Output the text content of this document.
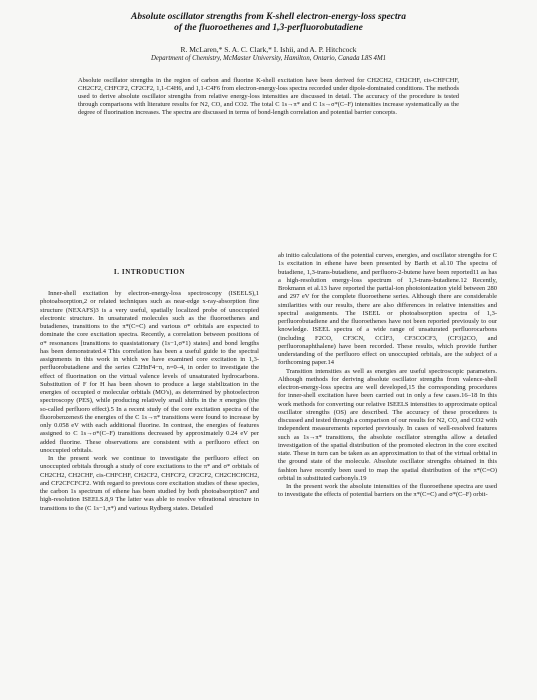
Absolute oscillator strengths from K-shell electron-energy-loss spectra
of the fluoroethenes and 1,3-perfluorobutadiene

R. McLaren,* S. A. C. Clark,* I. Ishii, and A. P. Hitchcock
Department of Chemistry, McMaster University, Hamilton, Ontario, Canada L8S 4M1
Absolute oscillator strengths in the region of carbon and fluorine K-shell excitation have been derived for CH2CH2, CH2CHF, cis-CHFCHF, CH2CF2, CHFCF2, CF2CF2, 1,1-C4H6, and 1,1-C4F6 from electron-energy-loss spectra recorded under dipole-dominated conditions. The methods used to derive absolute oscillator strengths from relative energy-loss intensities are discussed in detail. The accuracy of the procedure is tested through comparisons with literature results for N2, CO, and CO2. The total C 1s→π* and C 1s→σ*(C–F) intensities increase systematically as the degree of fluorination increases. The spectra are discussed in terms of bond-length correlation and potential barrier concepts.
I. INTRODUCTION

Inner-shell excitation by electron-energy-loss spectroscopy (ISEELS),1 photoabsorption,2 or related techniques such as near-edge x-ray-absorption fine structure (NEXAFS)3 is a very useful, spatially localized probe of unoccupied electronic structure. In unsaturated molecules such as the fluoroethenes and butadienes, transitions to the π*(C=C) and various σ* orbitals are expected to dominate the core excitation spectra. Recently, a correlation between positions of σ* resonances [transitions to quasistationary (1s−1,σ*1) states] and bond lengths has been demonstrated.4 This correlation has been a useful guide to the spectral assignments in this work in which we have examined core excitation in 1,3-perfluorobutadiene and the series C2HnF4−n, n=0–4, in order to investigate the effect of fluorination on the virtual valence levels of unsaturated hydrocarbons. Substitution of F for H has been shown to produce a large stabilization in the energies of occupied σ molecular orbitals (MO's), as determined by photoelectron spectroscopy (PES), while producing relatively small shifts in the π energies (the so-called perfluoro effect).5 In a recent study of the core excitation spectra of the fluorobenzenes6 the energies of the C 1s→π* transitions were found to increase by only 0.058 eV with each additional fluorine. In contrast, the energies of features assigned to C 1s→σ*(C–F) transitions decreased by approximately 0.24 eV per added fluorine. These observations are consistent with a perfluoro effect on unoccupied orbitals.

In the present work we continue to investigate the perfluoro effect on unoccupied orbitals through a study of core excitations to the π* and σ* orbitals of CH2CH2, CH2CHF, cis-CHFCHF, CH2CF2, CHFCF2, CF2CF2, CH2CHCHCH2, and CF2CFCFCF2. With regard to previous core excitation studies of these species, the carbon 1s spectrum of ethene has been studied by both photoabsorption7 and high-resolution ISEELS.8,9 The latter was able to resolve vibrational structure in transitions to the (C 1s−1,π*) and various Rydberg states. Detailed

ab initio calculations of the potential curves, energies, and oscillator strengths for C 1s excitation in ethene have been presented by Barth et al.10 The spectra of butadiene, 1,3-trans-butadiene, and perfluoro-2-butene have been reported11 as has a high-resolution energy-loss spectrum of 1,3-trans-butadiene.12 Recently, Brokmann et al.13 have reported the partial-ion photoionization yield between 280 and 297 eV for the complete fluoroethene series. Although there are considerable similarities with our results, there are also differences in relative intensities and spectral assignments. The ISEEL or photoabsorption spectra of 1,3-perfluorobutadiene and the fluoroethenes have not been reported previously to our knowledge. ISEEL spectra of a wide range of unsaturated perfluorocarbons (including F2CO, CF3CN, CClF3, CF3COCF3, (CF3)2CO, and perfluoronaphthalene) have been recorded. These results, which provide further understanding of the perfluoro effect on unoccupied orbitals, are the subject of a forthcoming paper.14

Transition intensities as well as energies are useful spectroscopic parameters. Although methods for deriving absolute oscillator strengths from valence-shell electron-energy-loss spectra are well developed,15 the corresponding procedures for inner-shell excitation have been carried out in only a few cases.16–18 In this work methods for converting our relative ISEELS intensities to approximate optical oscillator strengths (OS) are described. The accuracy of these procedures is discussed and tested through a comparison of our results for N2, CO, and CO2 with independent measurements reported previously. In cases of well-resolved features such as 1s→π* transitions, the absolute oscillator strengths allow a detailed investigation of the spatial distribution of the promoted electron in the core excited state. These in turn can be taken as an approximation to that of the virtual orbital in the ground state of the molecule. Absolute oscillator strengths obtained in this fashion have recently been used to map the spatial distribution of the π*(C=O) orbital in substituted carbonyls.19

In the present work the absolute intensities of the fluoroethene spectra are used to investigate the effects of potential barriers on the π*(C=C) and σ*(C–F) orbit-
